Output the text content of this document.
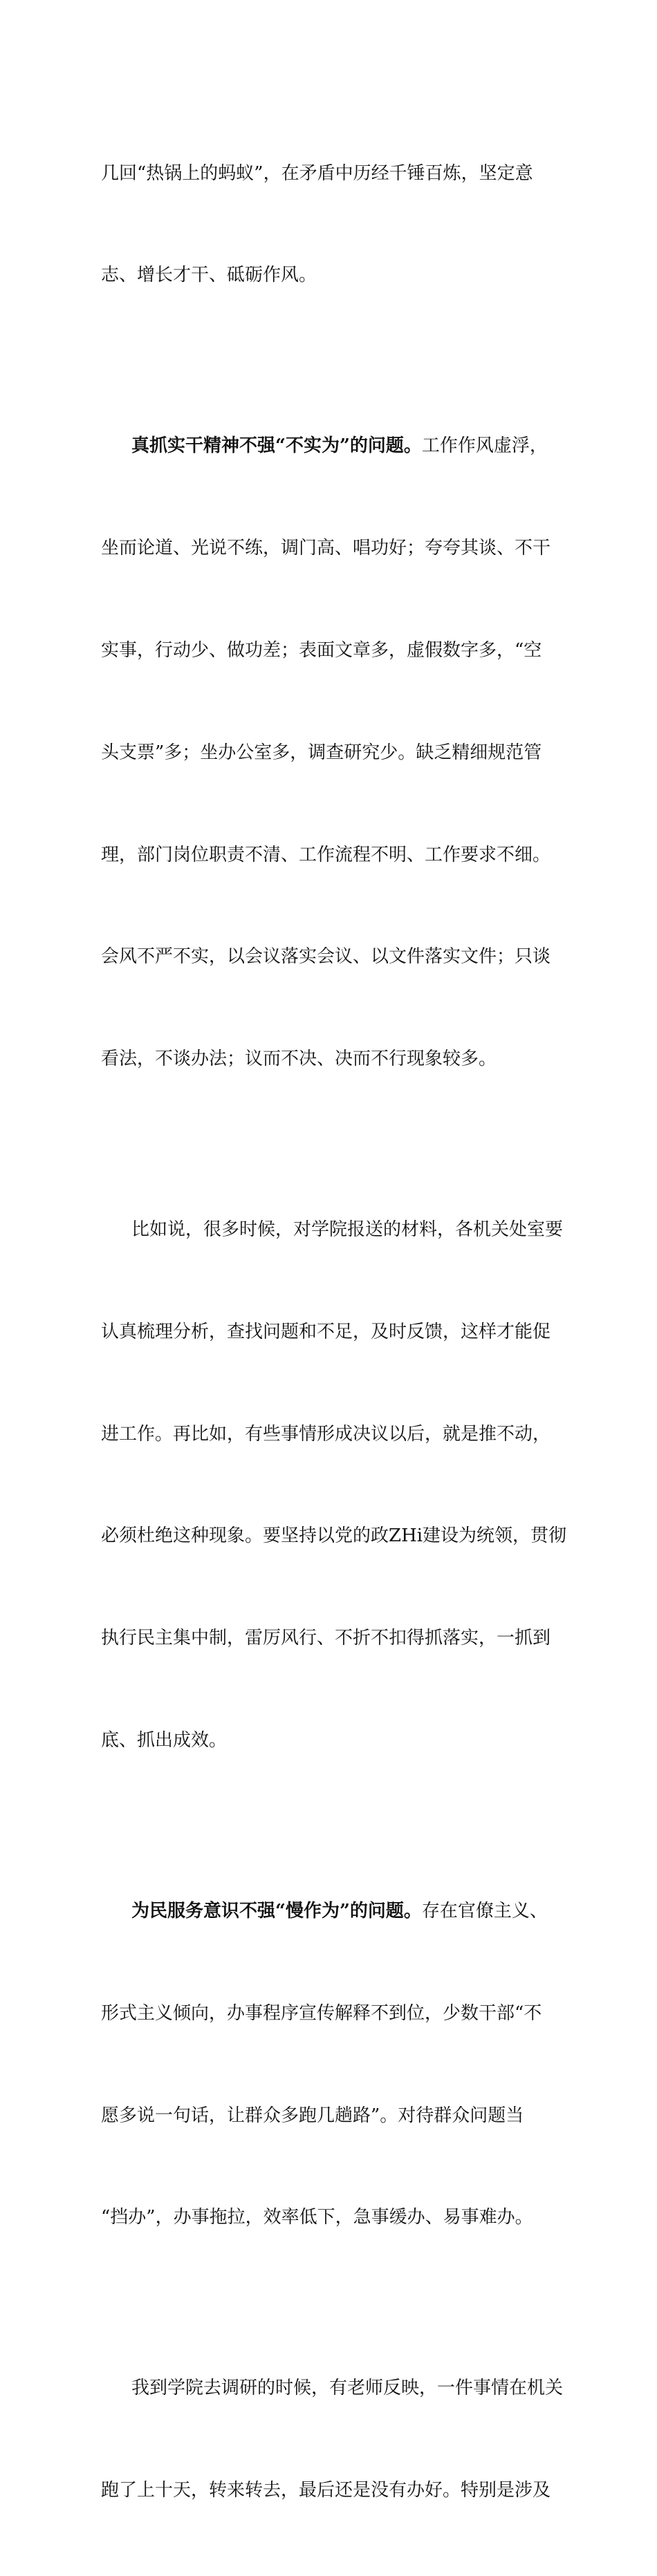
几回“热锅上的蚂蚁”，在矛盾中历经千锤百炼，坚定意

志、增长才干、砥砺作风。

真抓实干精神不强“不实为”的问题。工作作风虚浮，

坐而论道、光说不练，调门高、唱功好；夸夸其谈、不干

实事，行动少、做功差；表面文章多，虚假数字多，“空

头支票”多；坐办公室多，调查研究少。缺乏精细规范管

理，部门岗位职责不清、工作流程不明、工作要求不细。

会风不严不实，以会议落实会议、以文件落实文件；只谈

看法，不谈办法；议而不决、决而不行现象较多。

比如说，很多时候，对学院报送的材料，各机关处室要

认真梳理分析，查找问题和不足，及时反馈，这样才能促

进工作。再比如，有些事情形成决议以后，就是推不动，

必须杜绝这种现象。要坚持以党的政ZHi建设为统领，贯彻

执行民主集中制，雷厉风行、不折不扣得抓落实，一抓到

底、抓出成效。

为民服务意识不强“慢作为”的问题。存在官僚主义、

形式主义倾向，办事程序宣传解释不到位，少数干部“不

愿多说一句话，让群众多跑几趟路”。对待群众问题当

“挡办”，办事拖拉，效率低下，急事缓办、易事难办。

我到学院去调研的时候，有老师反映，一件事情在机关

跑了上十天，转来转去，最后还是没有办好。特别是涉及
